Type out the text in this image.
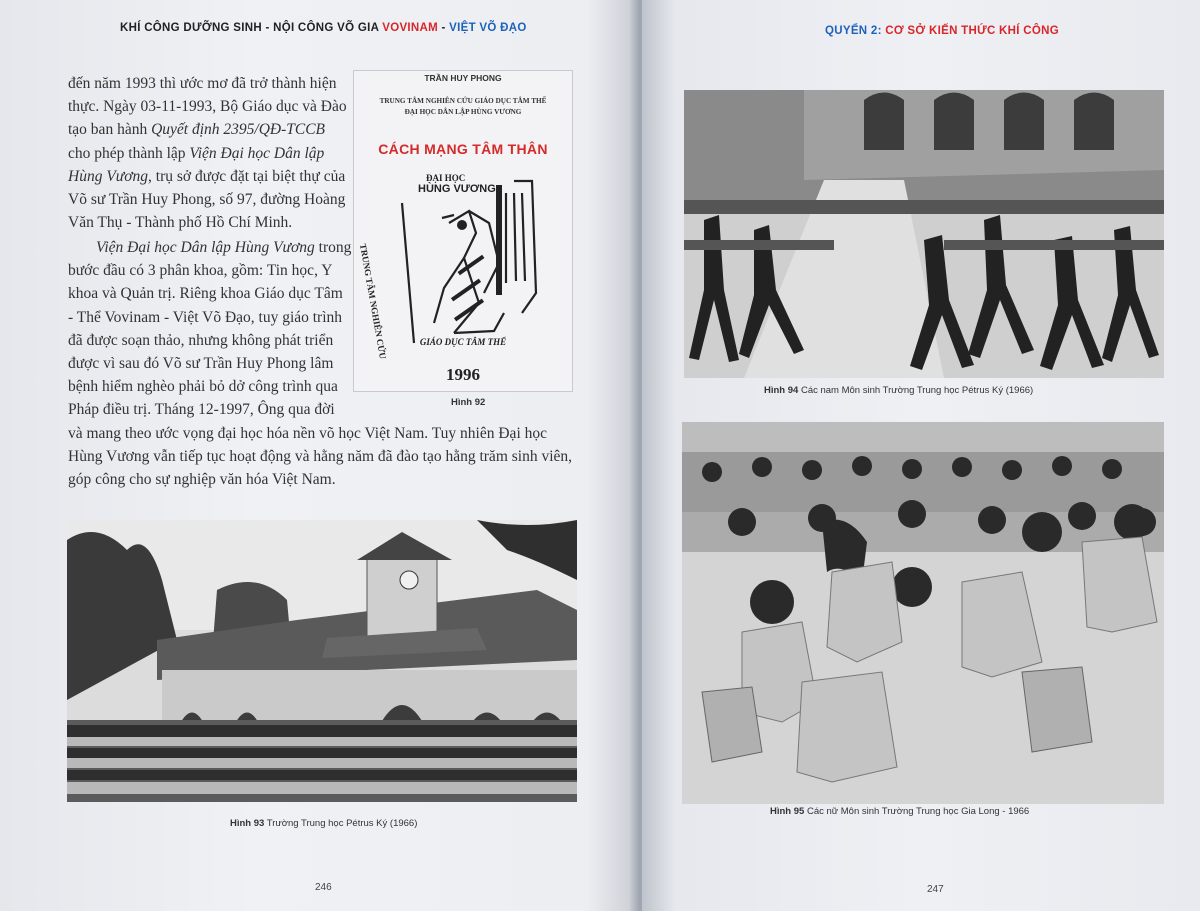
KHÍ CÔNG DƯỠNG SINH - NỘI CÔNG VÕ GIA VOVINAM - VIỆT VÕ ĐẠO

đến năm 1993 thì ước mơ đã trở thành hiện

thực. Ngày 03-11-1993, Bộ Giáo dục và Đào

tạo ban hành Quyết định 2395/QĐ-TCCB

cho phép thành lập Viện Đại học Dân lập

Hùng Vương, trụ sở được đặt tại biệt thự của

Võ sư Trần Huy Phong, số 97, đường Hoàng

Văn Thụ - Thành phố Hồ Chí Minh.

Viện Đại học Dân lập Hùng Vương trong

bước đầu có 3 phân khoa, gồm: Tin học, Y

khoa và Quản trị. Riêng khoa Giáo dục Tâm

- Thể Vovinam - Việt Võ Đạo, tuy giáo trình

đã được soạn thảo, nhưng không phát triển

được vì sau đó Võ sư Trần Huy Phong lâm

bệnh hiểm nghèo phải bỏ dở công trình qua

Pháp điều trị. Tháng 12-1997, Ông qua đời

và mang theo ước vọng đại học hóa nền võ học Việt Nam. Tuy nhiên Đại học

Hùng Vương vẫn tiếp tục hoạt động và hằng năm đã đào tạo hằng trăm sinh viên,

góp công cho sự nghiệp văn hóa Việt Nam.

TRẦN HUY PHONG
TRUNG TÂM NGHIÊN CỨU GIÁO DỤC TÂM THỂ
ĐẠI HỌC DÂN LẬP HÙNG VƯƠNG
CÁCH MẠNG TÂM THÂN
ĐẠI HỌC
HÙNG VƯƠNG
TRUNG TÂM NGHIÊN CỨU	GIÁO DỤC TÂM THỂ
1996
Hình 92
Hình 93 Trường Trung học Pétrus Ký (1966)
246
QUYỂN 2: CƠ SỞ KIẾN THỨC KHÍ CÔNG
Hình 94 Các nam Môn sinh Trường Trung học Pétrus Ký (1966)
Hình 95 Các nữ Môn sinh Trường Trung học Gia Long - 1966
247
